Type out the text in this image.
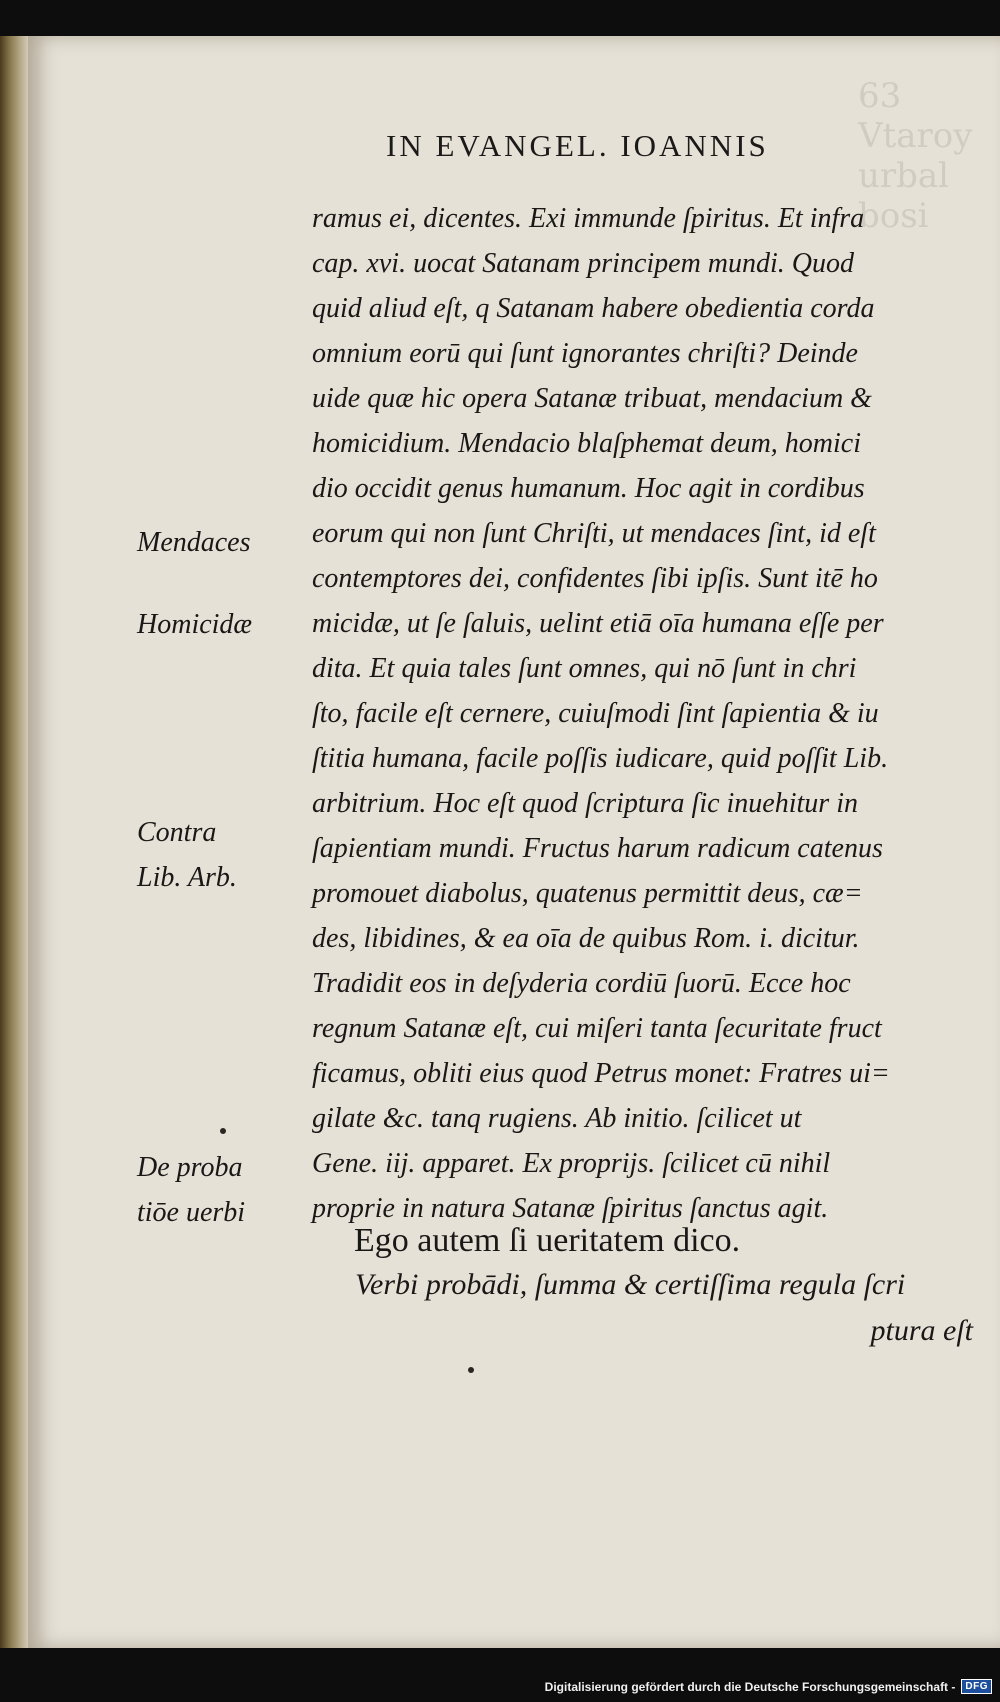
63
Vtaroy
urbal
bosi
IN EVANGEL. IOANNIS
ramus ei, dicentes. Exi immunde ſpiritus. Et infra
cap. xvi. uocat Satanam principem mundi. Quod
quid aliud eſt, q Satanam habere obedientia corda
omnium eorū qui ſunt ignorantes chriſti? Deinde
uide quæ hic opera Satanæ tribuat, mendacium &
homicidium. Mendacio blaſphemat deum, homici
dio occidit genus humanum. Hoc agit in cordibus
eorum qui non ſunt Chriſti, ut mendaces ſint, id eſt
contemptores dei, confidentes ſibi ipſis. Sunt itē ho
micidæ, ut ſe ſaluis, uelint etiā oīa humana eſſe per
dita. Et quia tales ſunt omnes, qui nō ſunt in chri
ſto, facile eſt cernere, cuiuſmodi ſint ſapientia & iu
ſtitia humana, facile poſſis iudicare, quid poſſit Lib.
arbitrium. Hoc eſt quod ſcriptura ſic inuehitur in
ſapientiam mundi. Fructus harum radicum catenus
promouet diabolus, quatenus permittit deus, cæ=
des, libidines, & ea oīa de quibus Rom. i. dicitur.
Tradidit eos in deſyderia cordiū ſuorū. Ecce hoc
regnum Satanæ eſt, cui miſeri tanta ſecuritate fruct
ficamus, obliti eius quod Petrus monet: Fratres ui=
gilate &c. tanq rugiens. Ab initio. ſcilicet ut
Gene. iij. apparet. Ex proprijs. ſcilicet cū nihil
proprie in natura Satanæ ſpiritus ſanctus agit.
Mendaces
Homicidæ
Contra
Lib. Arb.
De proba
tiōe uerbi
Ego autem ſi ueritatem dico.
Verbi probādi, ſumma & certiſſima regula ſcri
ptura eſt
Digitalisierung gefördert durch die Deutsche Forschungsgemeinschaft -	DFG
